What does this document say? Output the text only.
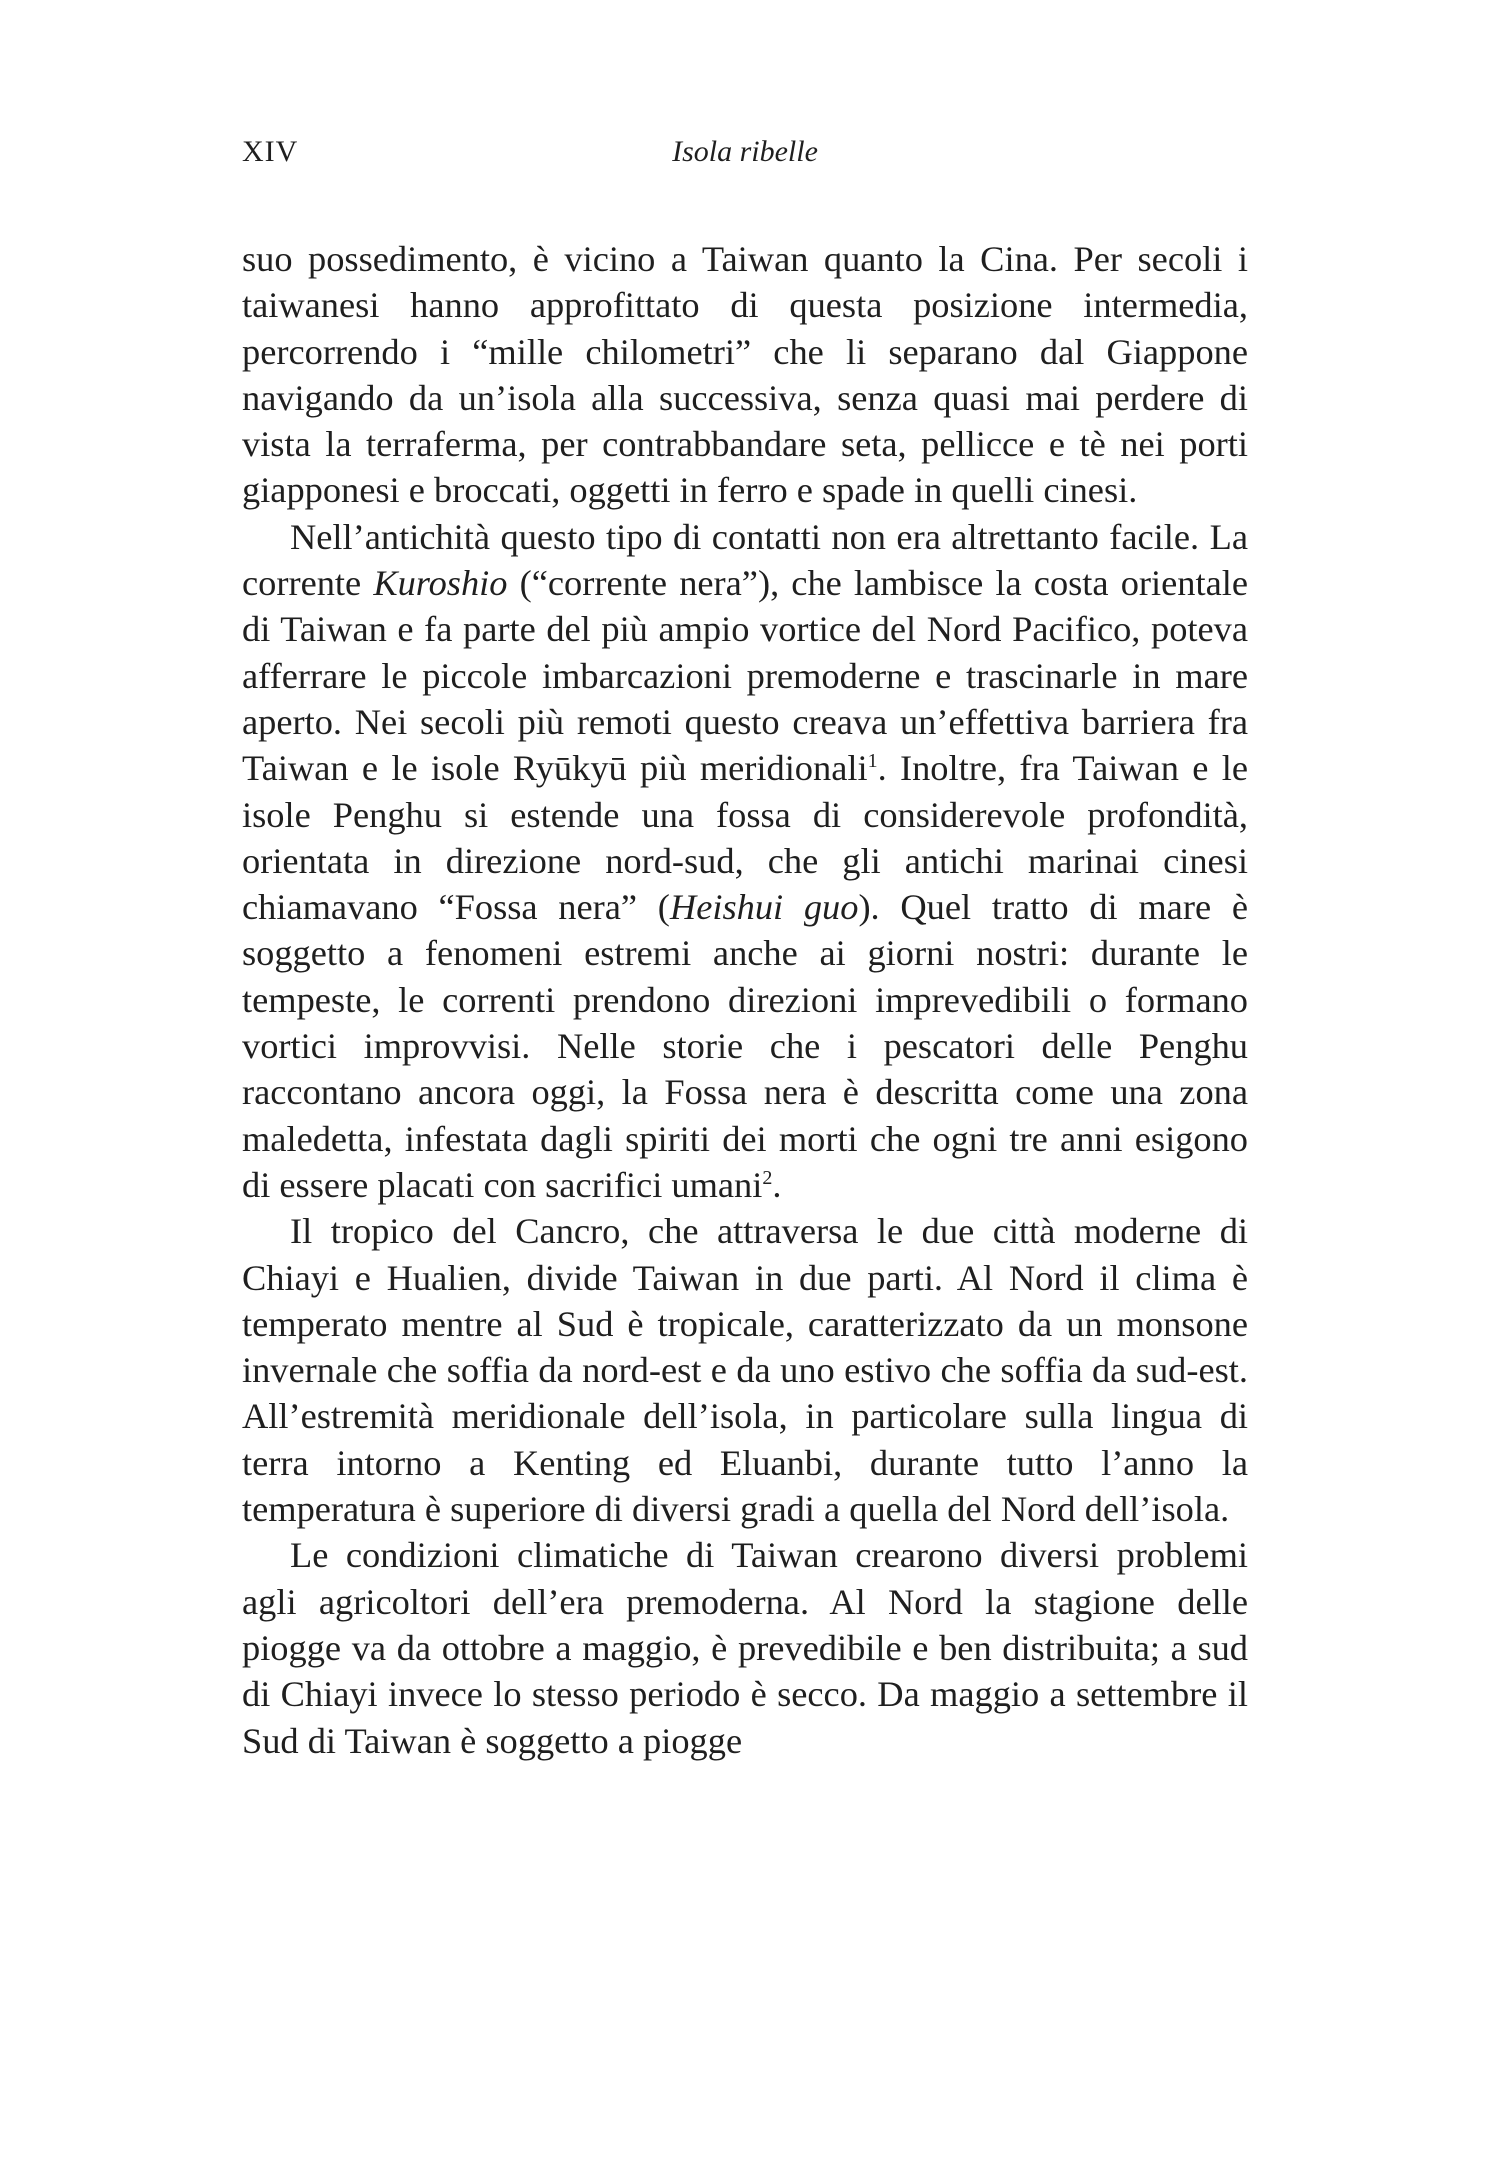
XIV	Isola ribelle

suo possedimento, è vicino a Taiwan quanto la Cina. Per secoli i taiwanesi hanno approfittato di questa posizione intermedia, percorrendo i “mille chilometri” che li separano dal Giappone navigando da un’isola alla successiva, senza quasi mai perdere di vista la terraferma, per contrabbandare seta, pellicce e tè nei porti giapponesi e broccati, oggetti in ferro e spade in quelli cinesi.

Nell’antichità questo tipo di contatti non era altrettanto facile. La corrente Kuroshio (“corrente nera”), che lambisce la costa orientale di Taiwan e fa parte del più ampio vortice del Nord Pacifico, poteva afferrare le piccole imbarcazioni premoderne e trascinarle in mare aperto. Nei secoli più remoti questo creava un’effettiva barriera fra Taiwan e le isole Ryūkyū più meridionali$^1$. Inoltre, fra Taiwan e le isole Penghu si estende una fossa di considerevole profondità, orientata in direzione nord-sud, che gli antichi marinai cinesi chiamavano “Fossa nera” (Heishui guo). Quel tratto di mare è soggetto a fenomeni estremi anche ai giorni nostri: durante le tempeste, le correnti prendono direzioni imprevedibili o formano vortici improvvisi. Nelle storie che i pescatori delle Penghu raccontano ancora oggi, la Fossa nera è descritta come una zona maledetta, infestata dagli spiriti dei morti che ogni tre anni esigono di essere placati con sacrifici umani$^2$.

Il tropico del Cancro, che attraversa le due città moderne di Chiayi e Hualien, divide Taiwan in due parti. Al Nord il clima è temperato mentre al Sud è tropicale, caratterizzato da un monsone invernale che soffia da nord-est e da uno estivo che soffia da sud-est. All’estremità meridionale dell’isola, in particolare sulla lingua di terra intorno a Kenting ed Eluanbi, durante tutto l’anno la temperatura è superiore di diversi gradi a quella del Nord dell’isola.

Le condizioni climatiche di Taiwan crearono diversi problemi agli agricoltori dell’era premoderna. Al Nord la stagione delle piogge va da ottobre a maggio, è prevedibile e ben distribuita; a sud di Chiayi invece lo stesso periodo è secco. Da maggio a settembre il Sud di Taiwan è soggetto a piogge
